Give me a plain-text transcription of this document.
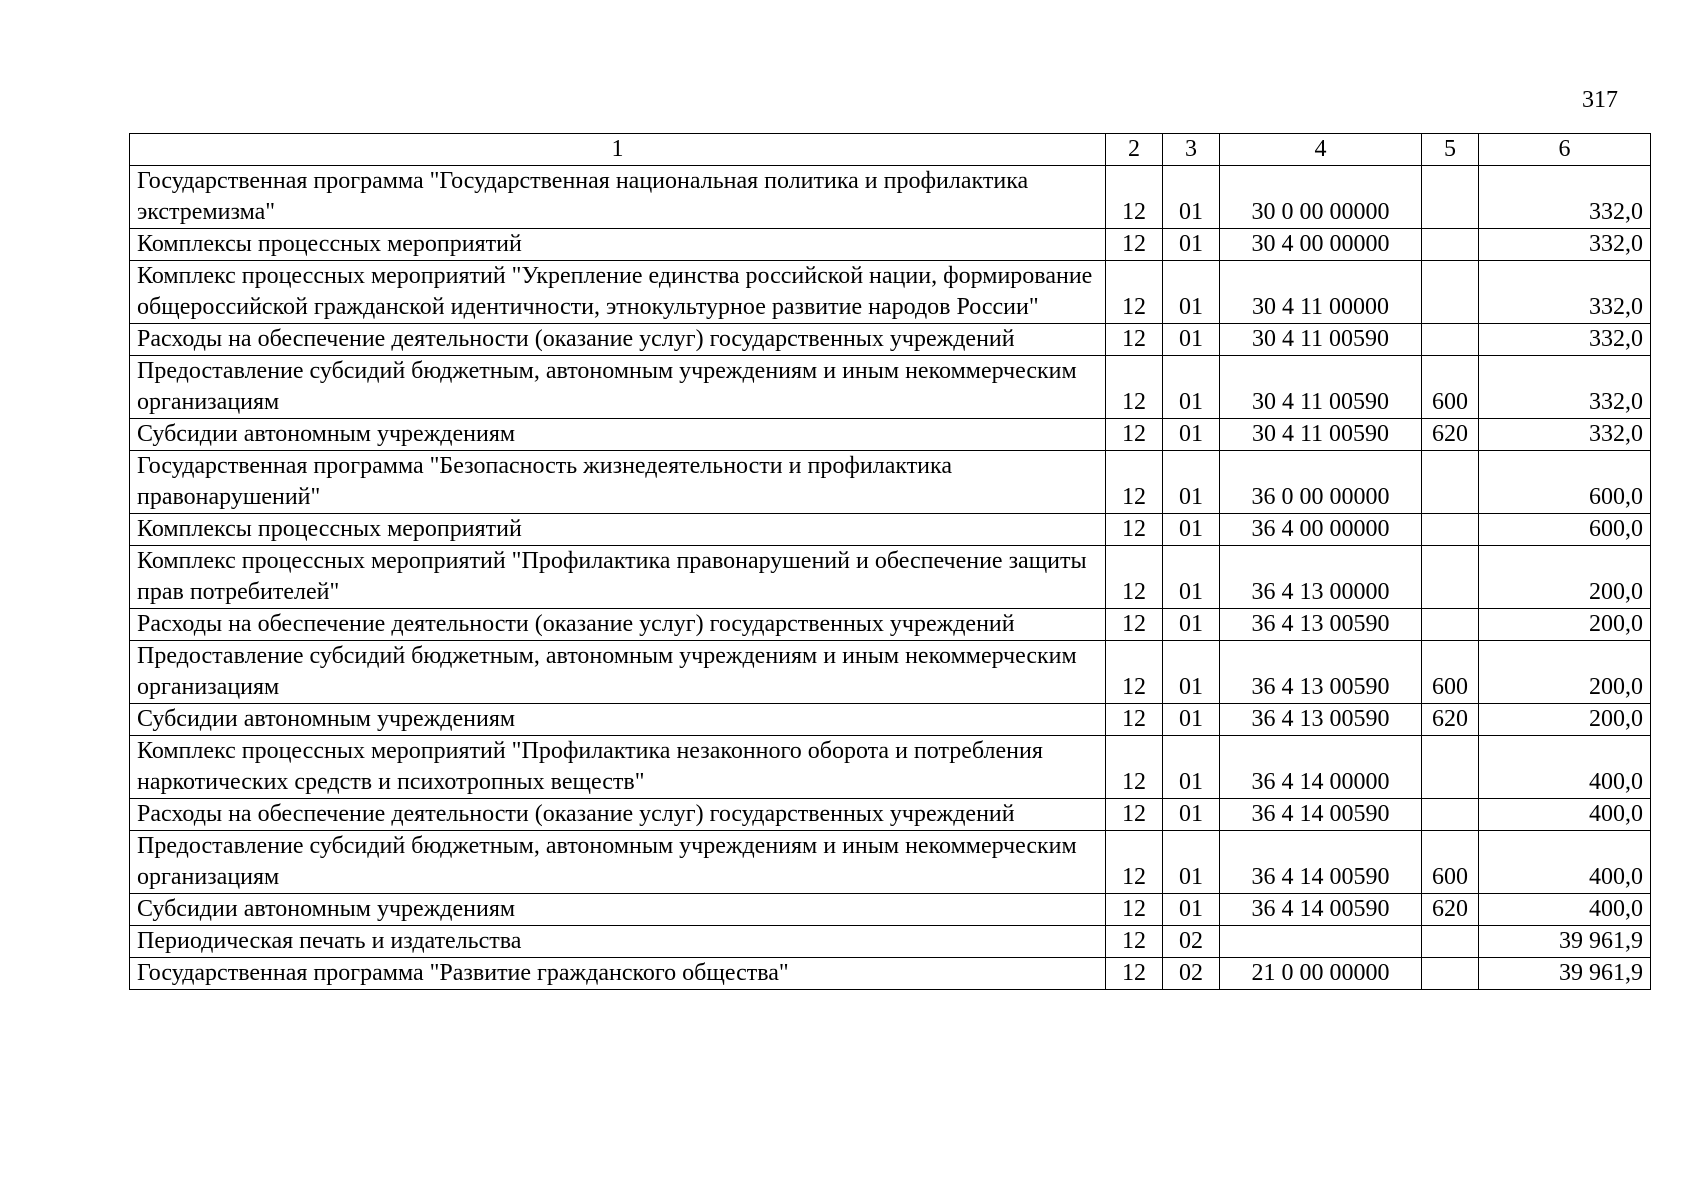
317
1	2	3	4	5	6
Государственная программа "Государственная национальная политика и профилактика экстремизма"	12	01	30 0 00 00000		332,0
Комплексы процессных мероприятий	12	01	30 4 00 00000		332,0
Комплекс процессных мероприятий "Укрепление единства российской нации, формирование общероссийской гражданской идентичности, этнокультурное развитие народов России"	12	01	30 4 11 00000		332,0
Расходы на обеспечение деятельности (оказание услуг) государственных учреждений	12	01	30 4 11 00590		332,0
Предоставление субсидий бюджетным, автономным учреждениям и иным некоммерческим организациям	12	01	30 4 11 00590	600	332,0
Субсидии автономным учреждениям	12	01	30 4 11 00590	620	332,0
Государственная программа "Безопасность жизнедеятельности и профилактика правонарушений"	12	01	36 0 00 00000		600,0
Комплексы процессных мероприятий	12	01	36 4 00 00000		600,0
Комплекс процессных мероприятий "Профилактика правонарушений и обеспечение защиты прав потребителей"	12	01	36 4 13 00000		200,0
Расходы на обеспечение деятельности (оказание услуг) государственных учреждений	12	01	36 4 13 00590		200,0
Предоставление субсидий бюджетным, автономным учреждениям и иным некоммерческим организациям	12	01	36 4 13 00590	600	200,0
Субсидии автономным учреждениям	12	01	36 4 13 00590	620	200,0
Комплекс процессных мероприятий "Профилактика незаконного оборота и потребления наркотических средств и психотропных веществ"	12	01	36 4 14 00000		400,0
Расходы на обеспечение деятельности (оказание услуг) государственных учреждений	12	01	36 4 14 00590		400,0
Предоставление субсидий бюджетным, автономным учреждениям и иным некоммерческим организациям	12	01	36 4 14 00590	600	400,0
Субсидии автономным учреждениям	12	01	36 4 14 00590	620	400,0
Периодическая печать и издательства	12	02			39 961,9
Государственная программа "Развитие гражданского общества"	12	02	21 0 00 00000		39 961,9
